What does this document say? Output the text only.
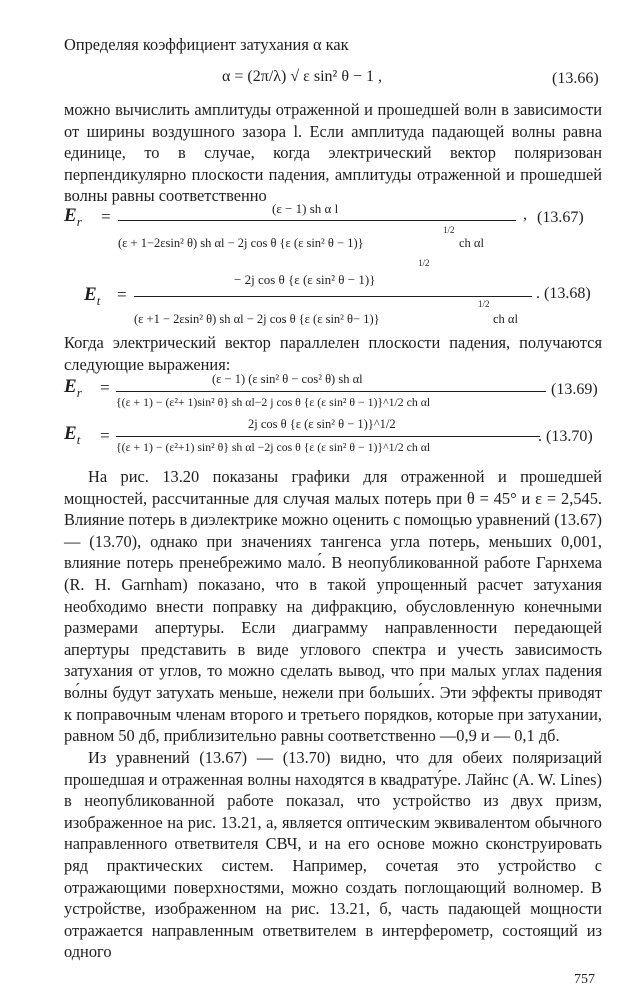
Определяя коэффициент затухания α как
α = (2π/λ) √ ε sin² θ − 1 ,	(13.66)
можно вычислить амплитуды отраженной и прошедшей волн в зависимости от ширины воздушного зазора l. Если амплитуда падающей волны равна единице, то в случае, когда электрический вектор поляризован перпендикулярно плоскости падения, амплитуды отраженной и прошедшей волны равны соответственно
$E_r$ =	(ε − 1) sh α l
(ε + 1−2εsin² θ) sh αl − 2j cos θ {ε (ε sin² θ − 1)}
1/2
ch αl
(13.67)
,
$E_t$ =
− 2j cos θ {ε (ε sin² θ − 1)}
1/2
(ε +1 − 2εsin² θ) sh αl − 2j cos θ {ε (ε sin² θ− 1)}
1/2
ch αl
. (13.68)
Когда электрический вектор параллелен плоскости падения, получаются следующие выражения:
$E_r$ =	(ε − 1) (ε sin² θ − cos² θ) sh αl
{(ε + 1) − (ε²+ 1)sin² θ} sh αl−2 j cos θ {ε (ε sin² θ − 1)}^1/2 ch αl
(13.69)
$E_t$ =
2j cos θ {ε (ε sin² θ − 1)}^1/2
{(ε + 1) − (ε²+1) sin² θ} sh αl −2j cos θ {ε (ε sin² θ − 1)}^1/2 ch αl
. (13.70)
На рис. 13.20 показаны графики для отраженной и прошедшей мощностей, рассчитанные для случая малых потерь при θ = 45° и ε = 2,545. Влияние потерь в диэлектрике можно оценить с помощью уравнений (13.67) — (13.70), однако при значениях тангенса угла потерь, меньших 0,001, влияние потерь пренебрежимо мало́. В неопубликованной работе Гарнхема (R. H. Garnham) показано, что в такой упрощенный расчет затухания необходимо внести поправку на дифракцию, обусловленную конечными размерами апертуры. Если диаграмму направленности передающей апертуры представить в виде углового спектра и учесть зависимость затухания от углов, то можно сделать вывод, что при малых углах падения во́лны будут затухать меньше, нежели при больши́х. Эти эффекты приводят к поправочным членам второго и третьего порядков, которые при затухании, равном 50 дб, приблизительно равны соответственно —0,9 и — 0,1 дб.
Из уравнений (13.67) — (13.70) видно, что для обеих поляризаций прошедшая и отраженная волны находятся в квадрату́ре. Лайнс (A. W. Lines) в неопубликованной работе показал, что устройство из двух призм, изображенное на рис. 13.21, а, является оптическим эквивалентом обычного направленного ответвителя СВЧ, и на его основе можно сконструировать ряд практических систем. Например, сочетая это устройство с отражающими поверхностями, можно создать поглощающий волномер. В устройстве, изображенном на рис. 13.21, б, часть падающей мощности отражается направленным ответвителем в интерферометр, состоящий из одного
757
